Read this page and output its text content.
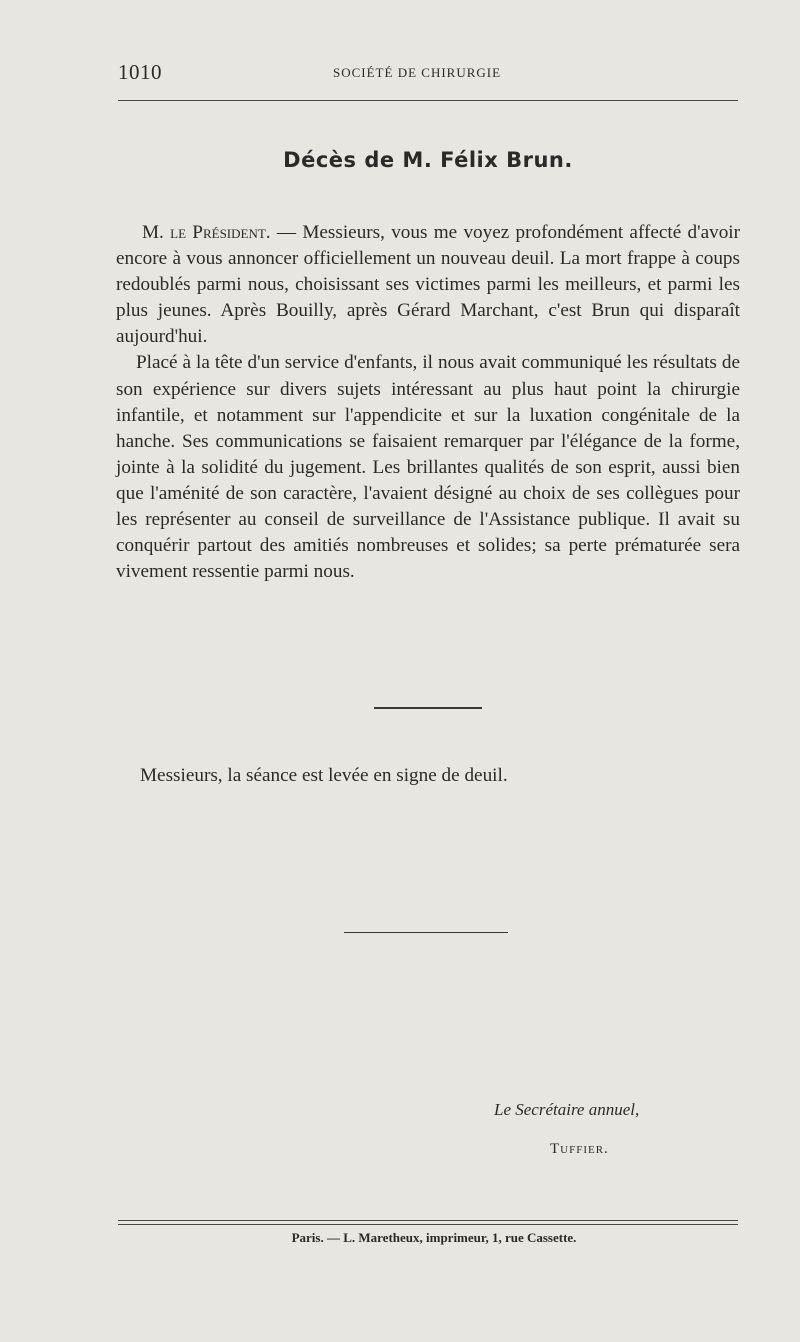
1010	SOCIÉTÉ DE CHIRURGIE
Décès de M. Félix Brun.

M. le Président. — Messieurs, vous me voyez profondément affecté d'avoir encore à vous annoncer officiellement un nouveau deuil. La mort frappe à coups redoublés parmi nous, choisissant ses victimes parmi les meilleurs, et parmi les plus jeunes. Après Bouilly, après Gérard Marchant, c'est Brun qui disparaît aujourd'hui.

Placé à la tête d'un service d'enfants, il nous avait communiqué les résultats de son expérience sur divers sujets intéressant au plus haut point la chirurgie infantile, et notamment sur l'appendicite et sur la luxation congénitale de la hanche. Ses communications se faisaient remarquer par l'élégance de la forme, jointe à la solidité du jugement. Les brillantes qualités de son esprit, aussi bien que l'aménité de son caractère, l'avaient désigné au choix de ses collègues pour les représenter au conseil de surveillance de l'Assistance publique. Il avait su conquérir partout des amitiés nombreuses et solides; sa perte prématurée sera vivement ressentie parmi nous.

Messieurs, la séance est levée en signe de deuil.
Le Secrétaire annuel,
Tuffier.
Paris. — L. Maretheux, imprimeur, 1, rue Cassette.
